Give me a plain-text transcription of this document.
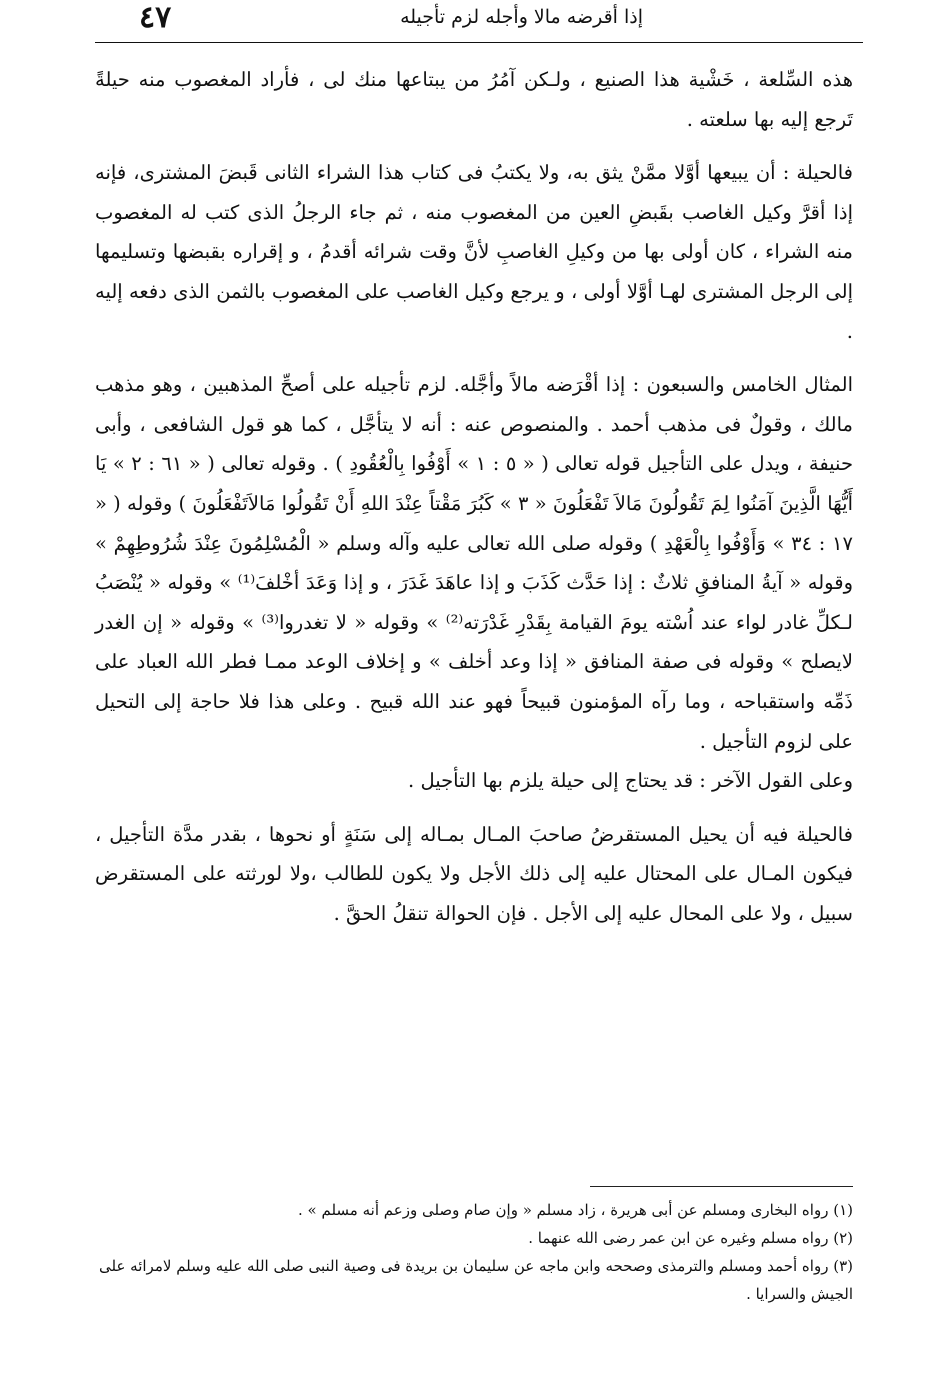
إذا أقرضه مالا وأجله لزم تأجيله
٤٧

هذه السِّلعة ، خَشْية هذا الصنيع ، ولـكن آمُرُ من يبتاعها منك لى ، فأراد المغصوب منه حيلةً تَرجع إليه بها سلعته .

فالحيلة : أن يبيعها أوَّلا ممَّنْ يثق به، ولا يكتبُ فى كتاب هذا الشراء الثانى قَبضَ المشترى، فإنه إذا أقرَّ وكيل الغاصب بقَبضِ العين من المغصوب منه ، ثم جاء الرجلُ الذى كتب له المغصوب منه الشراء ، كان أولى بها من وكيلِ الغاصبِ لأنَّ وقت شرائه أقدمُ ، و إقراره بقبضها وتسليمها إلى الرجل المشترى لهـا أوَّلا أولى ، و يرجع وكيل الغاصب على المغصوب بالثمن الذى دفعه إليه .

المثال الخامس والسبعون : إذا أقْرَضه مالاً وأجَّله. لزم تأجيله على أصحِّ المذهبين ، وهو مذهب مالك ، وقولٌ فى مذهب أحمد . والمنصوص عنه : أنه لا يتأجَّل ، كما هو قول الشافعى ، وأبى حنيفة ، ويدل على التأجيل قوله تعالى ( « ٥ : ١ » أَوْفُوا بِالْعُقُودِ ) . وقوله تعالى ( « ٦١ : ٢ » يَا أَيُّهَا الَّذِينَ آمَنُوا لِمَ تَقُولُونَ مَالاَ تَفْعَلُونَ « ٣ » كَبُرَ مَقْتاً عِنْدَ اللهِ أَنْ تَقُولُوا مَالاَتَفْعَلُونَ ) وقوله ( « ١٧ : ٣٤ » وَأَوْفُوا بِالْعَهْدِ ) وقوله صلى الله تعالى عليه وآله وسلم « الْمُسْلِمُونَ عِنْدَ شُرُوطِهِمْ » وقوله « آيةُ المنافقِ ثلاثٌ : إذا حَدَّث كَذَبَ و إذا عاهَدَ غَدَرَ ، و إذا وَعَدَ أخْلفَ⁽¹⁾ » وقوله « يُنْصَبُ لـكلِّ غادر لواء عند اُسْته يومَ القيامة بِقَدْرِ غَدْرَته⁽²⁾ » وقوله « لا تغدروا⁽³⁾ » وقوله « إن الغدر لايصلح » وقوله فى صفة المنافق « إذا وعد أخلف » و إخلاف الوعد ممـا فطر الله العباد على ذَمِّه واستقباحه ، وما رآه المؤمنون قبيحاً فهو عند الله قبيح . وعلى هذا فلا حاجة إلى التحيل على لزوم التأجيل .

وعلى القول الآخر : قد يحتاج إلى حيلة يلزم بها التأجيل .

فالحيلة فيه أن يحيل المستقرضُ صاحبَ المـال بمـاله إلى سَنَةٍ أو نحوها ، بقدر مدَّة التأجيل ، فيكون المـال على المحتال عليه إلى ذلك الأجل ولا يكون للطالب ،ولا لورثته على المستقرض سبيل ، ولا على المحال عليه إلى الأجل . فإن الحوالة تنقلُ الحقَّ .

(١) رواه البخارى ومسلم عن أبى هريرة ، زاد مسلم « وإن صام وصلى وزعم أنه مسلم » .

(٢) رواه مسلم وغيره عن ابن عمر رضى الله عنهما .

(٣) رواه أحمد ومسلم والترمذى وصححه وابن ماجه عن سليمان بن بريدة فى وصية النبى صلى الله عليه وسلم لامرائه على الجيش والسرايا .
